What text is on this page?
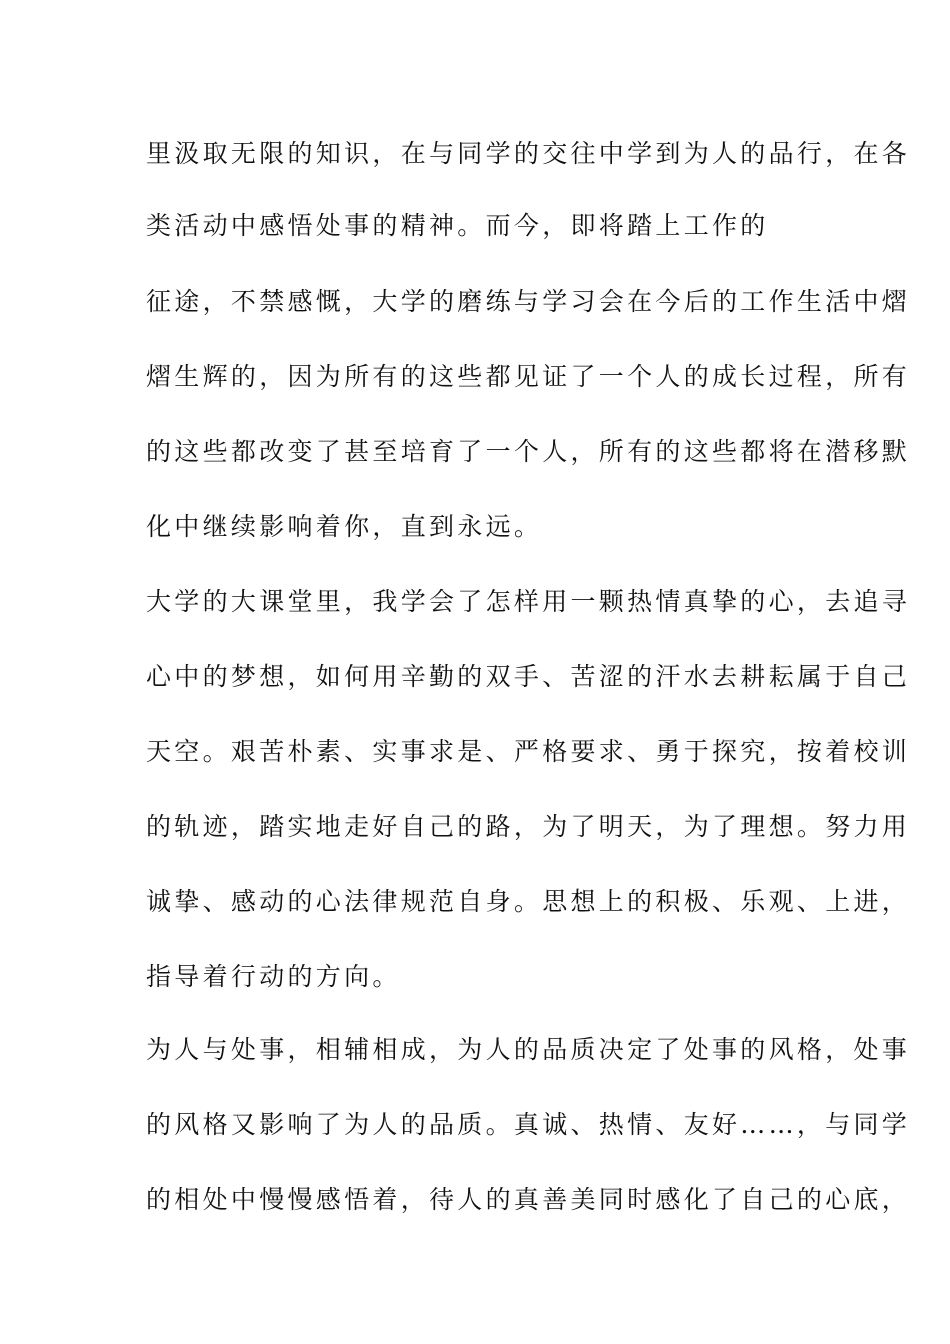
里汲取无限的知识，在与同学的交往中学到为人的品行，在各
类活动中感悟处事的精神。而今，即将踏上工作的
征途，不禁感慨，大学的磨练与学习会在今后的工作生活中熠
熠生辉的，因为所有的这些都见证了一个人的成长过程，所有
的这些都改变了甚至培育了一个人，所有的这些都将在潜移默
化中继续影响着你，直到永远。
大学的大课堂里，我学会了怎样用一颗热情真挚的心，去追寻
心中的梦想，如何用辛勤的双手、苦涩的汗水去耕耘属于自己
天空。艰苦朴素、实事求是、严格要求、勇于探究，按着校训
的轨迹，踏实地走好自己的路，为了明天，为了理想。努力用
诚挚、感动的心法律规范自身。思想上的积极、乐观、上进，
指导着行动的方向。
为人与处事，相辅相成，为人的品质决定了处事的风格，处事
的风格又影响了为人的品质。真诚、热情、友好……，与同学
的相处中慢慢感悟着，待人的真善美同时感化了自己的心底，
